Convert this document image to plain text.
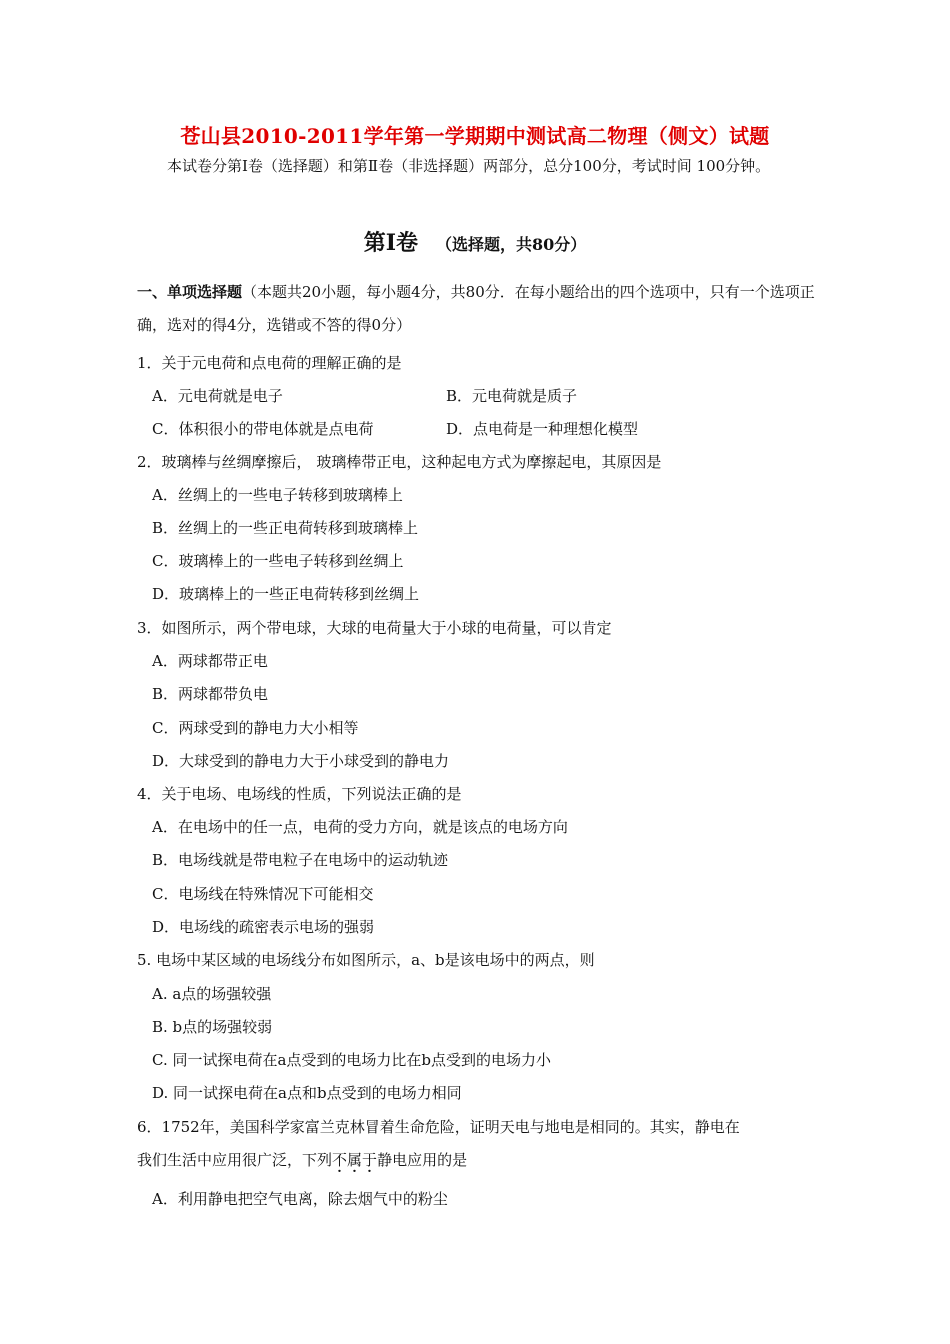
苍山县2010-2011学年第一学期期中测试高二物理（侧文）试题
本试卷分第Ⅰ卷（选择题）和第Ⅱ卷（非选择题）两部分，总分100分，考试时间 100分钟。
第Ⅰ卷 （选择题，共80分）
一、单项选择题（本题共20小题，每小题4分，共80分．在每小题给出的四个选项中，只有一个选项正确，选对的得4分，选错或不答的得0分）
1．关于元电荷和点电荷的理解正确的是
A．元电荷就是电子	B．元电荷就是质子
C．体积很小的带电体就是点电荷	D．点电荷是一种理想化模型
2．玻璃棒与丝绸摩擦后， 玻璃棒带正电，这种起电方式为摩擦起电，其原因是
A．丝绸上的一些电子转移到玻璃棒上
B．丝绸上的一些正电荷转移到玻璃棒上
C．玻璃棒上的一些电子转移到丝绸上
D．玻璃棒上的一些正电荷转移到丝绸上
3．如图所示，两个带电球，大球的电荷量大于小球的电荷量，可以肯定
A．两球都带正电
B．两球都带负电
C．两球受到的静电力大小相等
D．大球受到的静电力大于小球受到的静电力
4．关于电场、电场线的性质，下列说法正确的是
A．在电场中的任一点，电荷的受力方向，就是该点的电场方向
B．电场线就是带电粒子在电场中的运动轨迹
C．电场线在特殊情况下可能相交
D．电场线的疏密表示电场的强弱
5. 电场中某区域的电场线分布如图所示，a、b是该电场中的两点，则
A. a点的场强较强
B. b点的场强较弱
C. 同一试探电荷在a点受到的电场力比在b点受到的电场力小
D. 同一试探电荷在a点和b点受到的电场力相同
6．1752年，美国科学家富兰克林冒着生命危险，证明天电与地电是相同的。其实，静电在
我们生活中应用很广泛，下列不属于静电应用的是
A．利用静电把空气电离，除去烟气中的粉尘
